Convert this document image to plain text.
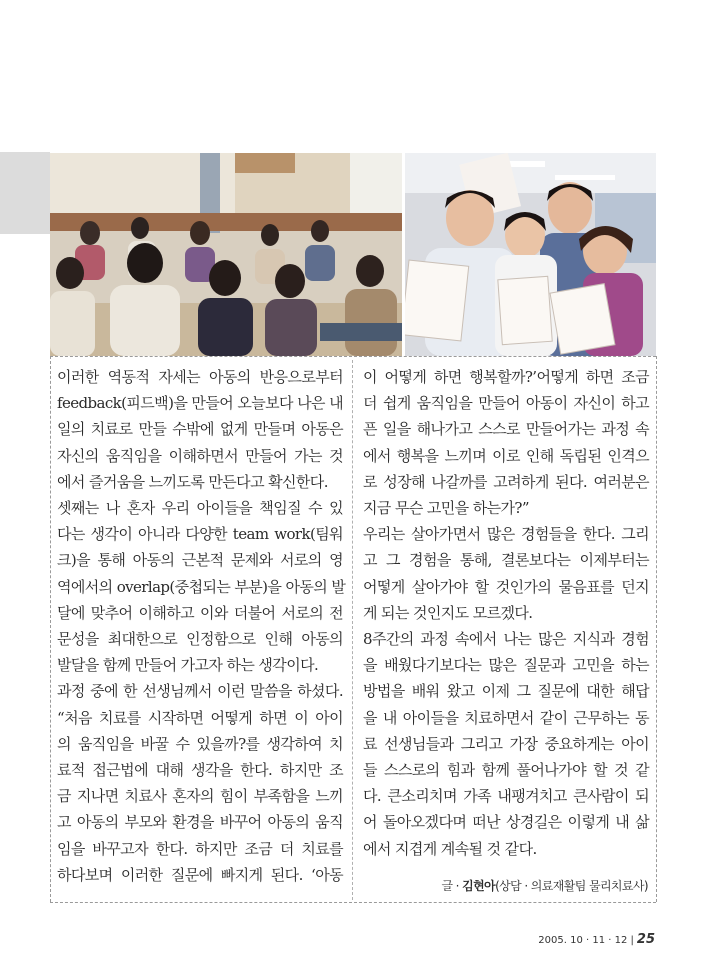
이러한 역동적 자세는 아동의 반응으로부터
feedback(피드백)을 만들어 오늘보다 나은 내
일의 치료로 만들 수밖에 없게 만들며 아동은
자신의 움직임을 이해하면서 만들어 가는 것
에서 즐거움을 느끼도록 만든다고 확신한다.
셋째는 나 혼자 우리 아이들을 책임질 수 있
다는 생각이 아니라 다양한 team work(팀워
크)을 통해 아동의 근본적 문제와 서로의 영
역에서의 overlap(중첩되는 부분)을 아동의 발
달에 맞추어 이해하고 이와 더불어 서로의 전
문성을 최대한으로 인정함으로 인해 아동의
발달을 함께 만들어 가고자 하는 생각이다.
과정 중에 한 선생님께서 이런 말씀을 하셨다.
“처음 치료를 시작하면 어떻게 하면 이 아이
의 움직임을 바꿀 수 있을까?를 생각하여 치
료적 접근법에 대해 생각을 한다. 하지만 조
금 지나면 치료사 혼자의 힘이 부족함을 느끼
고 아동의 부모와 환경을 바꾸어 아동의 움직
임을 바꾸고자 한다. 하지만 조금 더 치료를
하다보며 이러한 질문에 빠지게 된다. ‘아동
이 어떻게 하면 행복할까?’어떻게 하면 조금
더 쉽게 움직임을 만들어 아동이 자신이 하고
픈 일을 해나가고 스스로 만들어가는 과정 속
에서 행복을 느끼며 이로 인해 독립된 인격으
로 성장해 나갈까를 고려하게 된다. 여러분은
지금 무슨 고민을 하는가?”
우리는 살아가면서 많은 경험들을 한다. 그리
고 그 경험을 통해, 결론보다는 이제부터는
어떻게 살아가야 할 것인가의 물음표를 던지
게 되는 것인지도 모르겠다.
8주간의 과정 속에서 나는 많은 지식과 경험
을 배웠다기보다는 많은 질문과 고민을 하는
방법을 배워 왔고 이제 그 질문에 대한 해답
을 내 아이들을 치료하면서 같이 근무하는 동
료 선생님들과 그리고 가장 중요하게는 아이
들 스스로의 힘과 함께 풀어나가야 할 것 같
다. 큰소리치며 가족 내팽겨치고 큰사람이 되
어 돌아오겠다며 떠난 상경길은 이렇게 내 삶
에서 지겹게 계속될 것 같다.
글 · 김현아(상담 · 의료재활팀 물리치료사)
2005. 10 · 11 · 12 | 25
